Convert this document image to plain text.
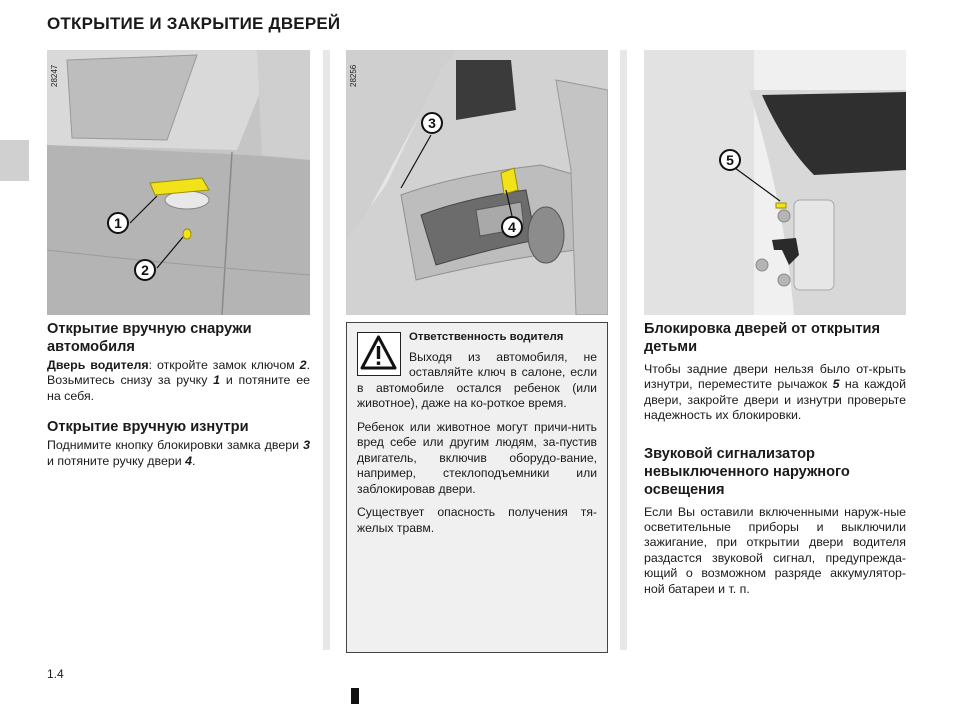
ОТКРЫТИЕ И ЗАКРЫТИЕ ДВЕРЕЙ
28247
1
2
28256
3
4
5
Открытие вручную снаружи автомобиля

Дверь водителя: откройте замок ключом 2. Возьмитесь снизу за ручку 1 и потяните ее на себя.

Открытие вручную изнутри

Поднимите кнопку блокировки замка двери 3 и потяните ручку двери 4.

Ответственность водителя

Выходя из автомобиля, не оставляйте ключ в салоне, если в автомобиле остался ребенок (или животное), даже на ко-роткое время.

Ребенок или животное могут причи-нить вред себе или другим людям, за-пустив двигатель, включив оборудо-вание, например, стеклоподъемники или заблокировав двери.

Существует опасность получения тя-желых травм.

Блокировка дверей от открытия детьми

Чтобы задние двери нельзя было от-крыть изнутри, переместите рычажок 5 на каждой двери, закройте двери и изнутри проверьте надежность их блокировки.

Звуковой сигнализатор невыключенного наружного освещения

Если Вы оставили включенными наруж-ные осветительные приборы и выключили зажигание, при открытии двери водителя раздастся звуковой сигнал, предупрежда-ющий о возможном разряде аккумулятор-ной батареи и т. п.

1.4
